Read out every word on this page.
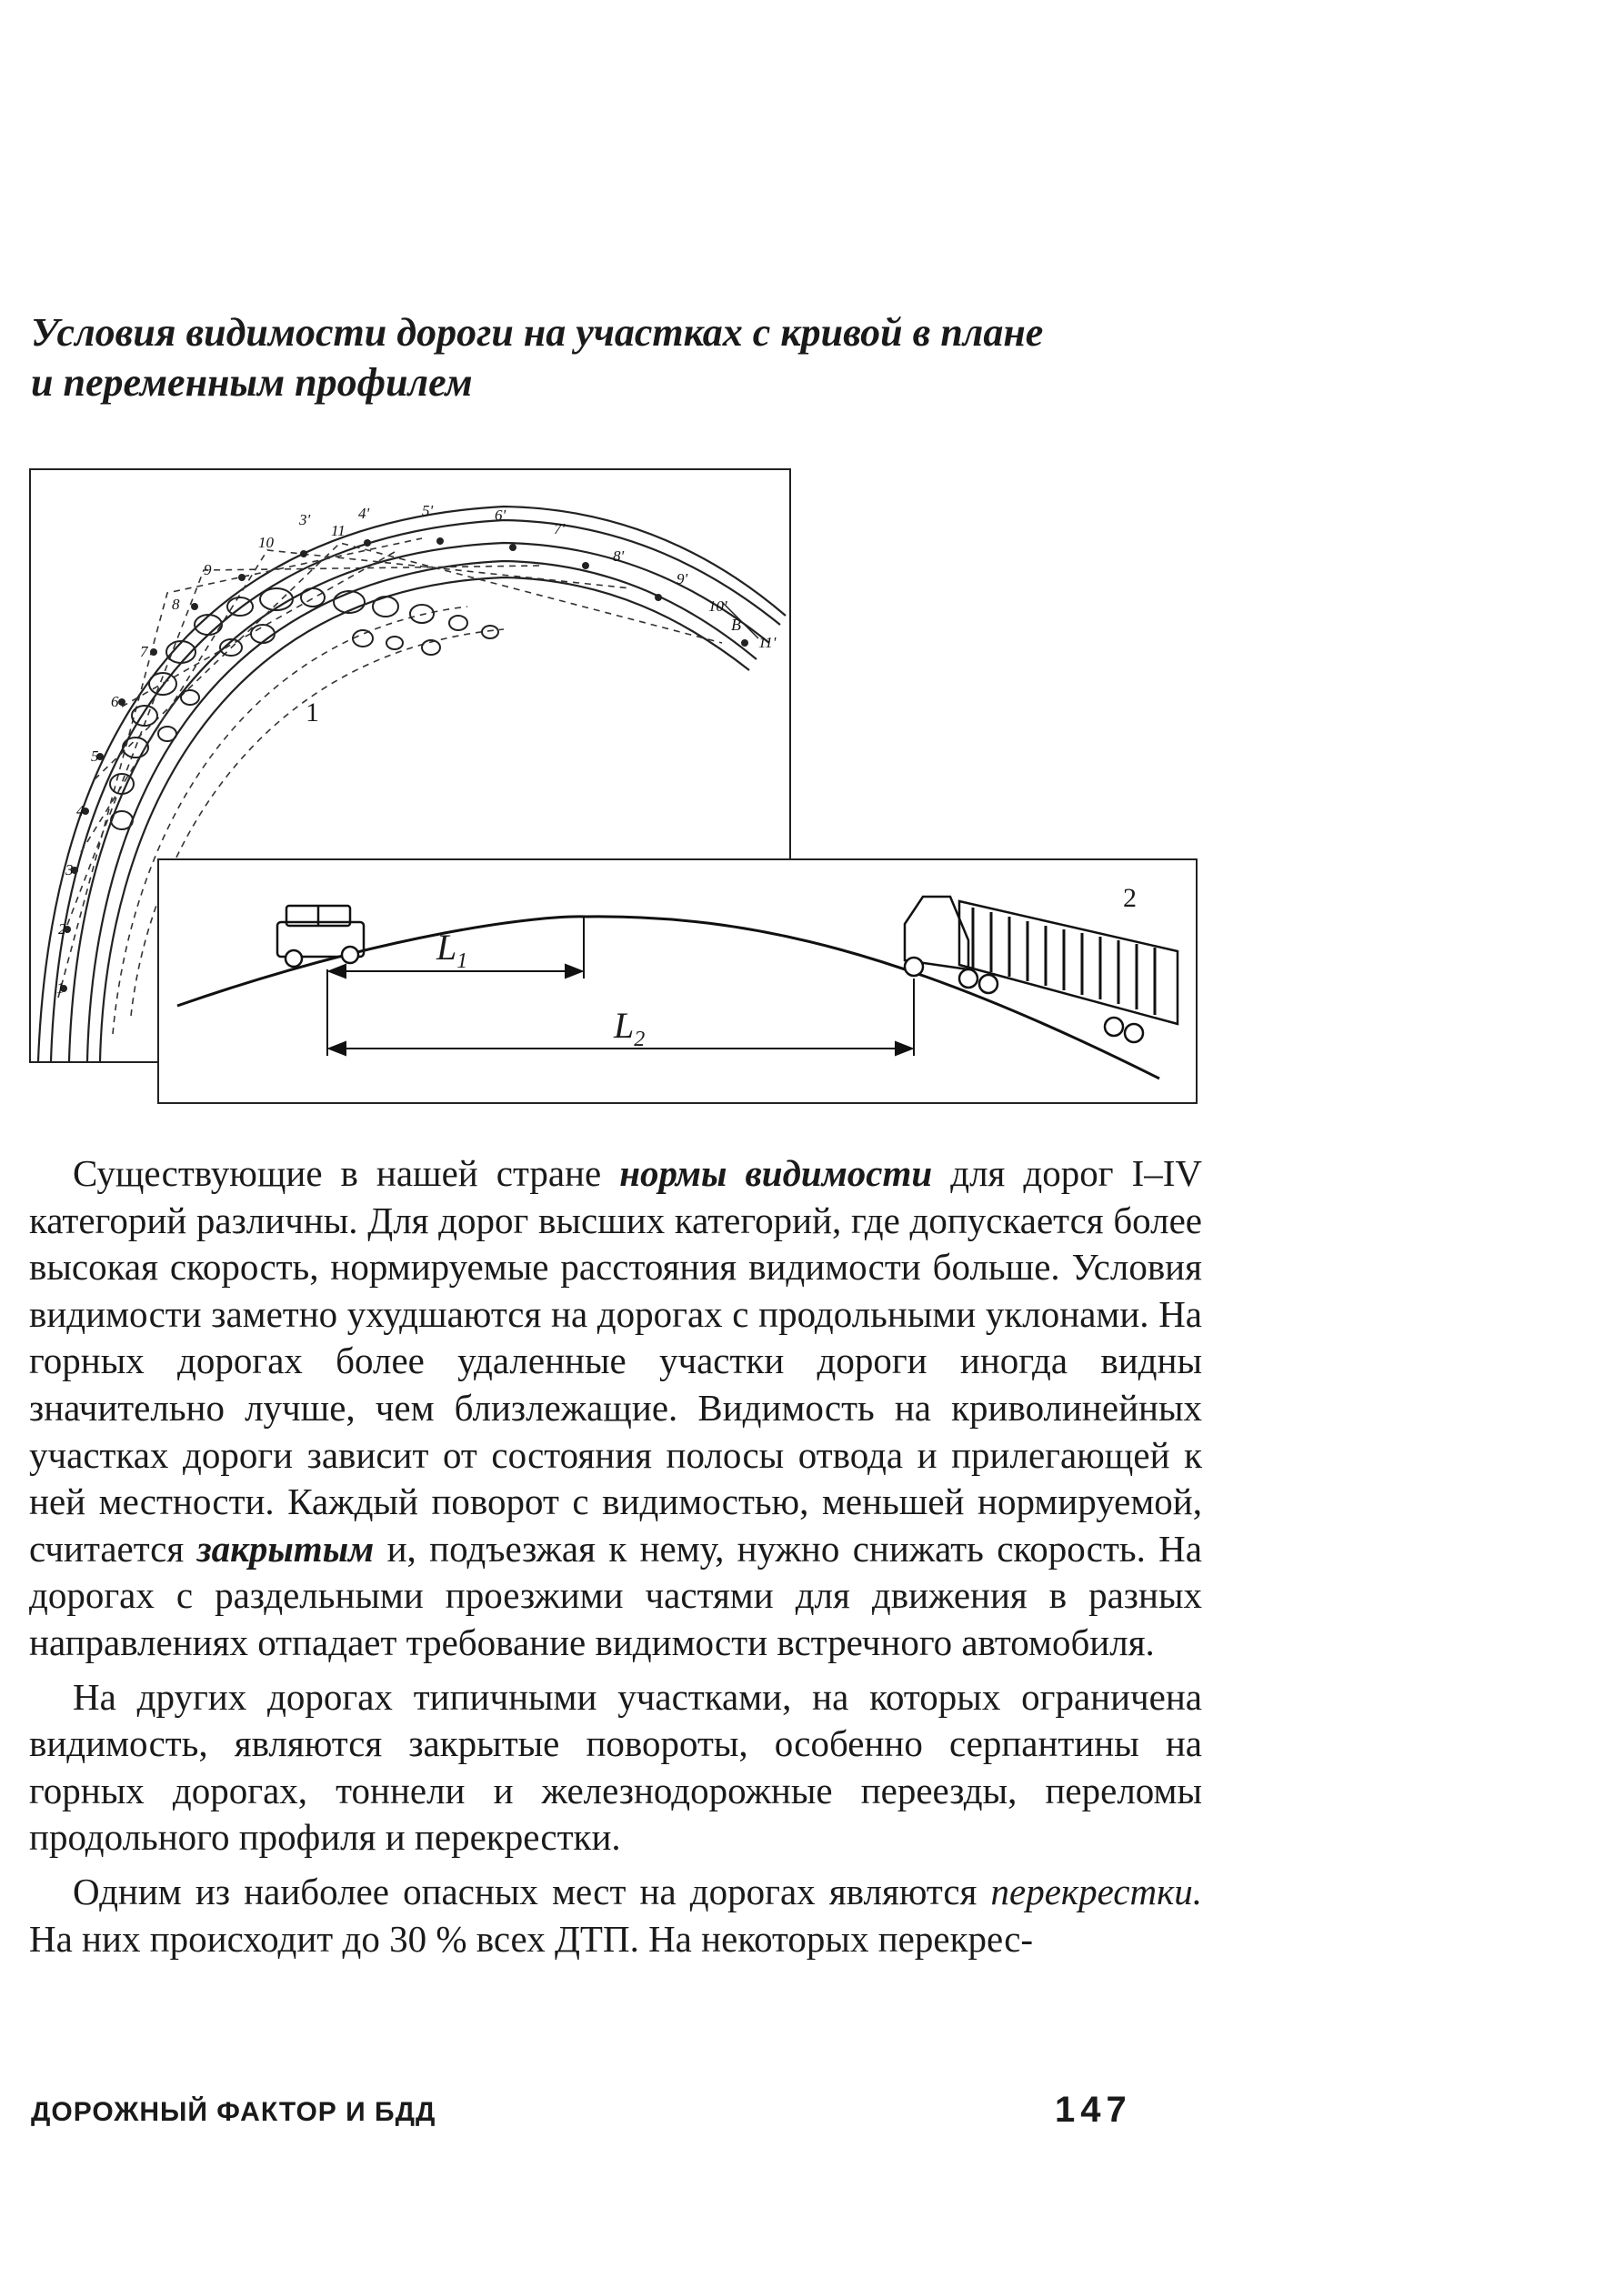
Условия видимости дороги на участках с кривой в плане
и переменным профилем
1
2
3
4
5
6
7
8
9
10
11
3'	4'	5'	6'
7'
8'
9'
10'
11'
B
1
2
$L_1$
$L_2$

Существующие в нашей стране нормы видимости для дорог I–IV категорий различны. Для дорог высших категорий, где допускается более высокая скорость, нормируемые расстояния видимости больше. Условия видимости заметно ухудшаются на дорогах с продольными уклонами. На горных дорогах более удаленные участки дороги иногда видны значительно лучше, чем близлежащие. Видимость на криволинейных участках дороги зависит от состояния полосы отвода и прилегающей к ней местности. Каждый поворот с видимостью, меньшей нормируемой, считается закрытым и, подъезжая к нему, нужно снижать скорость. На дорогах с раздельными проезжими частями для движения в разных направлениях отпадает требование видимости встречного автомобиля.

На других дорогах типичными участками, на которых ограничена видимость, являются закрытые повороты, особенно серпантины на горных дорогах, тоннели и железнодорожные переезды, переломы продольного профиля и перекрестки.

Одним из наиболее опасных мест на дорогах являются перекрестки. На них происходит до 30 % всех ДТП. На некоторых перекрес-

ДОРОЖНЫЙ ФАКТОР И БДД	147
